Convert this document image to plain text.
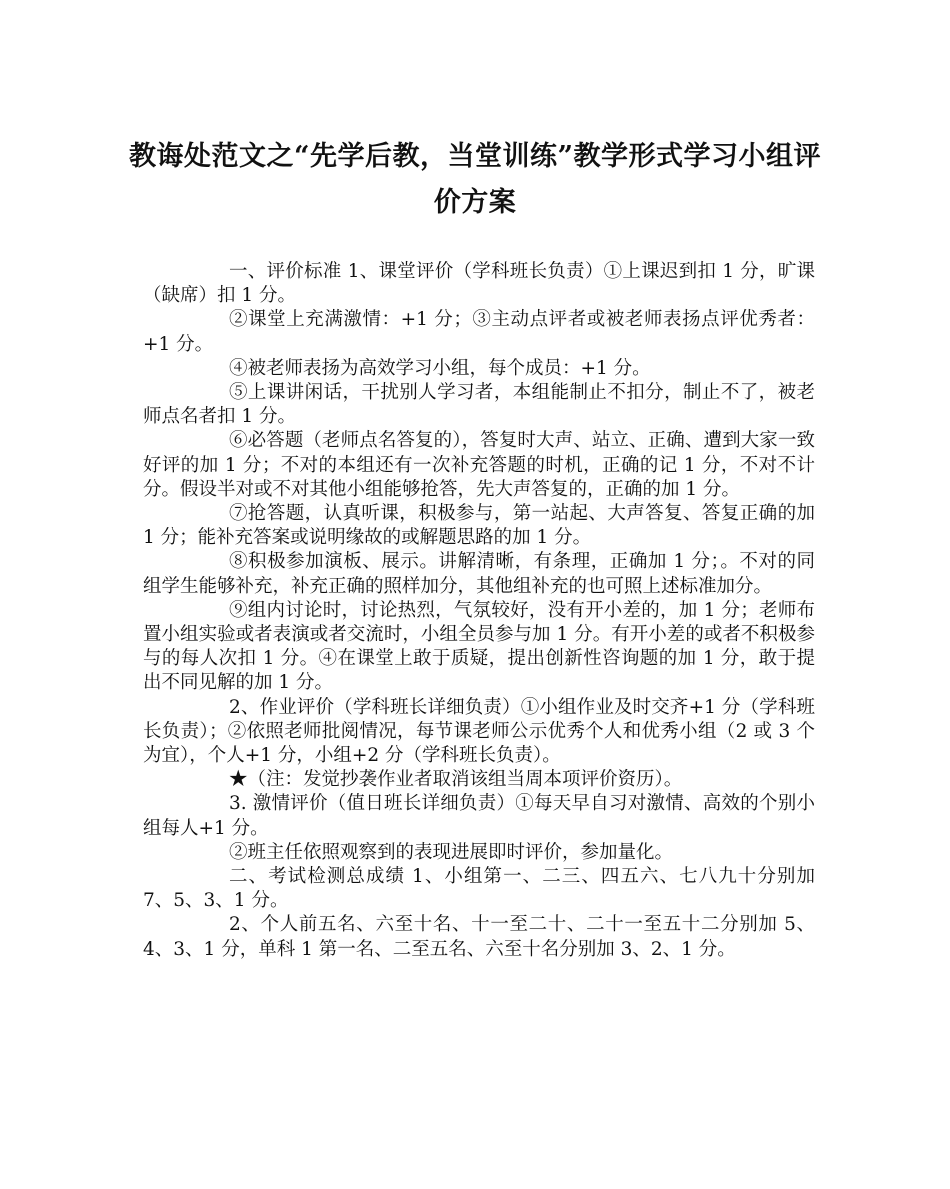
教诲处范文之“先学后教，当堂训练”教学形式学习小组评价方案

一、评价标准 1、课堂评价（学科班长负责）①上课迟到扣 1 分，旷课（缺席）扣 1 分。

②课堂上充满激情：+1 分；③主动点评者或被老师表扬点评优秀者：+1 分。

④被老师表扬为高效学习小组，每个成员：+1 分。

⑤上课讲闲话，干扰别人学习者，本组能制止不扣分，制止不了，被老师点名者扣 1 分。

⑥必答题（老师点名答复的），答复时大声、站立、正确、遭到大家一致好评的加 1 分；不对的本组还有一次补充答题的时机，正确的记 1 分，不对不计分。假设半对或不对其他小组能够抢答，先大声答复的，正确的加 1 分。

⑦抢答题，认真听课，积极参与，第一站起、大声答复、答复正确的加 1 分；能补充答案或说明缘故的或解题思路的加 1 分。

⑧积极参加演板、展示。讲解清晰，有条理，正确加 1 分；。不对的同组学生能够补充，补充正确的照样加分，其他组补充的也可照上述标准加分。

⑨组内讨论时，讨论热烈，气氛较好，没有开小差的，加 1 分；老师布置小组实验或者表演或者交流时，小组全员参与加 1 分。有开小差的或者不积极参与的每人次扣 1 分。④在课堂上敢于质疑，提出创新性咨询题的加 1 分，敢于提出不同见解的加 1 分。

2、作业评价（学科班长详细负责）①小组作业及时交齐+1 分（学科班长负责）；②依照老师批阅情况，每节课老师公示优秀个人和优秀小组（2 或 3 个为宜），个人+1 分，小组+2 分（学科班长负责）。

★（注：发觉抄袭作业者取消该组当周本项评价资历）。

3. 激情评价（值日班长详细负责）①每天早自习对激情、高效的个别小组每人+1 分。

②班主任依照观察到的表现进展即时评价，参加量化。

二、考试检测总成绩 1、小组第一、二三、四五六、七八九十分别加 7、5、3、1 分。

2、个人前五名、六至十名、十一至二十、二十一至五十二分别加 5、4、3、1 分，单科 1 第一名、二至五名、六至十名分别加 3、2、1 分。
